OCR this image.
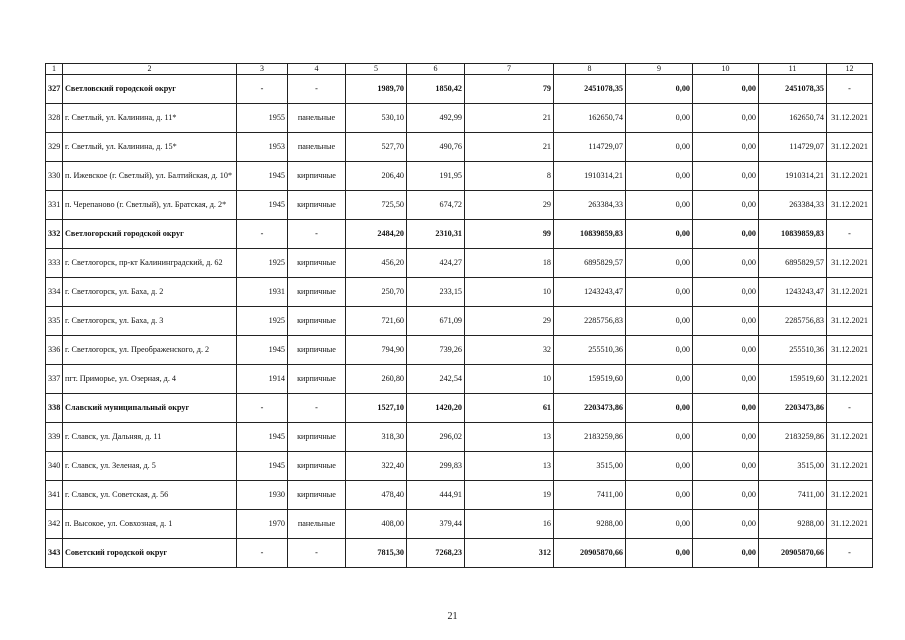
1	2	3	4	5	6	7	8	9	10	11	12
327	Светловский городской округ	-	-	1989,70	1850,42	79	2451078,35	0,00	0,00	2451078,35	-
328	г. Светлый, ул. Калинина, д. 11*	1955	панельные	530,10	492,99	21	162650,74	0,00	0,00	162650,74	31.12.2021
329	г. Светлый, ул. Калинина, д. 15*	1953	панельные	527,70	490,76	21	114729,07	0,00	0,00	114729,07	31.12.2021
330	п. Ижевское (г. Светлый), ул. Балтийская, д. 10*	1945	кирпичные	206,40	191,95	8	1910314,21	0,00	0,00	1910314,21	31.12.2021
331	п. Черепаново (г. Светлый), ул. Братская, д. 2*	1945	кирпичные	725,50	674,72	29	263384,33	0,00	0,00	263384,33	31.12.2021
332	Светлогорский городской округ	-	-	2484,20	2310,31	99	10839859,83	0,00	0,00	10839859,83	-
333	г. Светлогорск, пр-кт Калининградский, д. 62	1925	кирпичные	456,20	424,27	18	6895829,57	0,00	0,00	6895829,57	31.12.2021
334	г. Светлогорск, ул. Баха, д. 2	1931	кирпичные	250,70	233,15	10	1243243,47	0,00	0,00	1243243,47	31.12.2021
335	г. Светлогорск, ул. Баха, д. 3	1925	кирпичные	721,60	671,09	29	2285756,83	0,00	0,00	2285756,83	31.12.2021
336	г. Светлогорск, ул. Преображенского, д. 2	1945	кирпичные	794,90	739,26	32	255510,36	0,00	0,00	255510,36	31.12.2021
337	пгт. Приморье, ул. Озерная, д. 4	1914	кирпичные	260,80	242,54	10	159519,60	0,00	0,00	159519,60	31.12.2021
338	Славский муниципальный округ	-	-	1527,10	1420,20	61	2203473,86	0,00	0,00	2203473,86	-
339	г. Славск, ул. Дальняя, д. 11	1945	кирпичные	318,30	296,02	13	2183259,86	0,00	0,00	2183259,86	31.12.2021
340	г. Славск, ул. Зеленая, д. 5	1945	кирпичные	322,40	299,83	13	3515,00	0,00	0,00	3515,00	31.12.2021
341	г. Славск, ул. Советская, д. 56	1930	кирпичные	478,40	444,91	19	7411,00	0,00	0,00	7411,00	31.12.2021
342	п. Высокое, ул. Совхозная, д. 1	1970	панельные	408,00	379,44	16	9288,00	0,00	0,00	9288,00	31.12.2021
343	Советский городской округ	-	-	7815,30	7268,23	312	20905870,66	0,00	0,00	20905870,66	-
21
